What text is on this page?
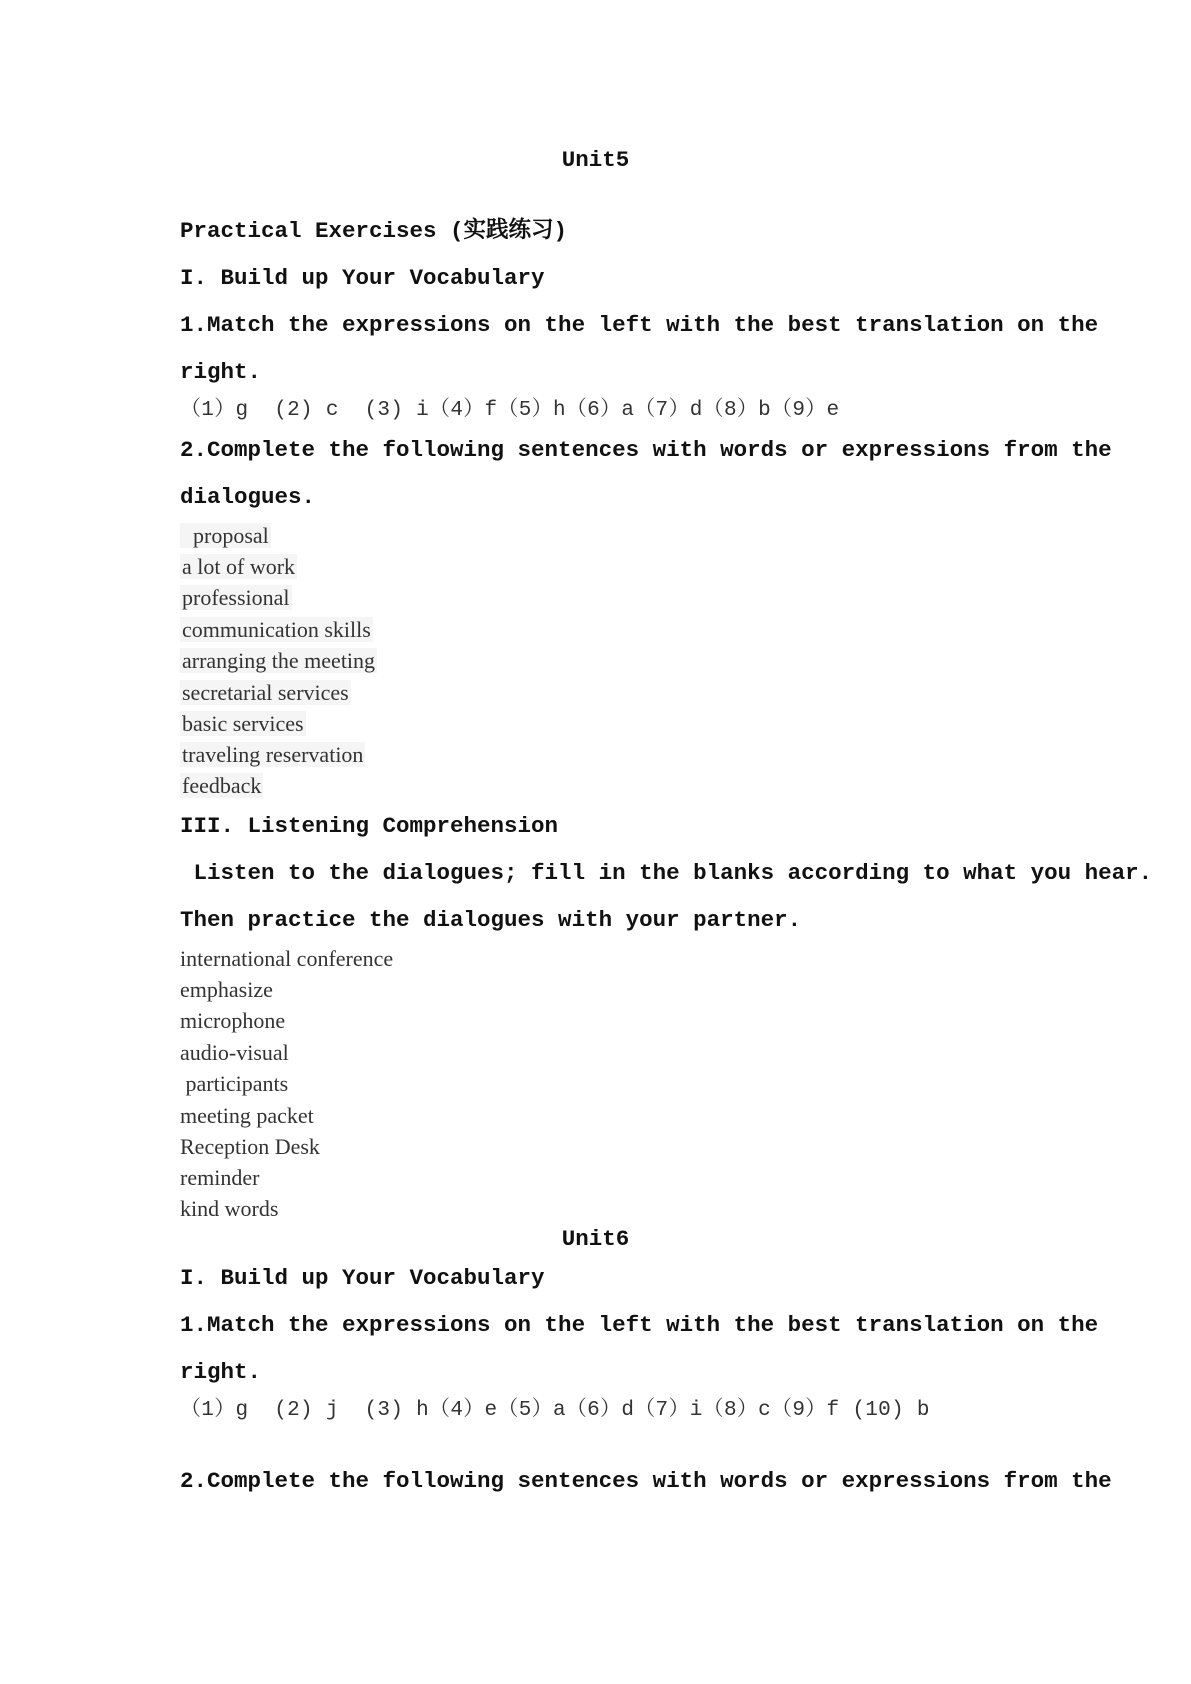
Unit5
Practical Exercises (实践练习)
I. Build up Your Vocabulary
1.Match the expressions on the left with the best translation on the
right.
（1）g  (2) c  (3) i（4）f（5）h（6）a（7）d（8）b（9）e
2.Complete the following sentences with words or expressions from the
dialogues.
proposal
a lot of work
professional
communication skills
arranging the meeting
secretarial services
basic services
traveling reservation
feedback
III. Listening Comprehension
Listen to the dialogues; fill in the blanks according to what you hear.
Then practice the dialogues with your partner.
international conference
emphasize
microphone
audio-visual
participants
meeting packet
Reception Desk
reminder
kind words
Unit6
I. Build up Your Vocabulary
1.Match the expressions on the left with the best translation on the
right.
（1）g  (2) j  (3) h（4）e（5）a（6）d（7）i（8）c（9）f (10) b
2.Complete the following sentences with words or expressions from the
